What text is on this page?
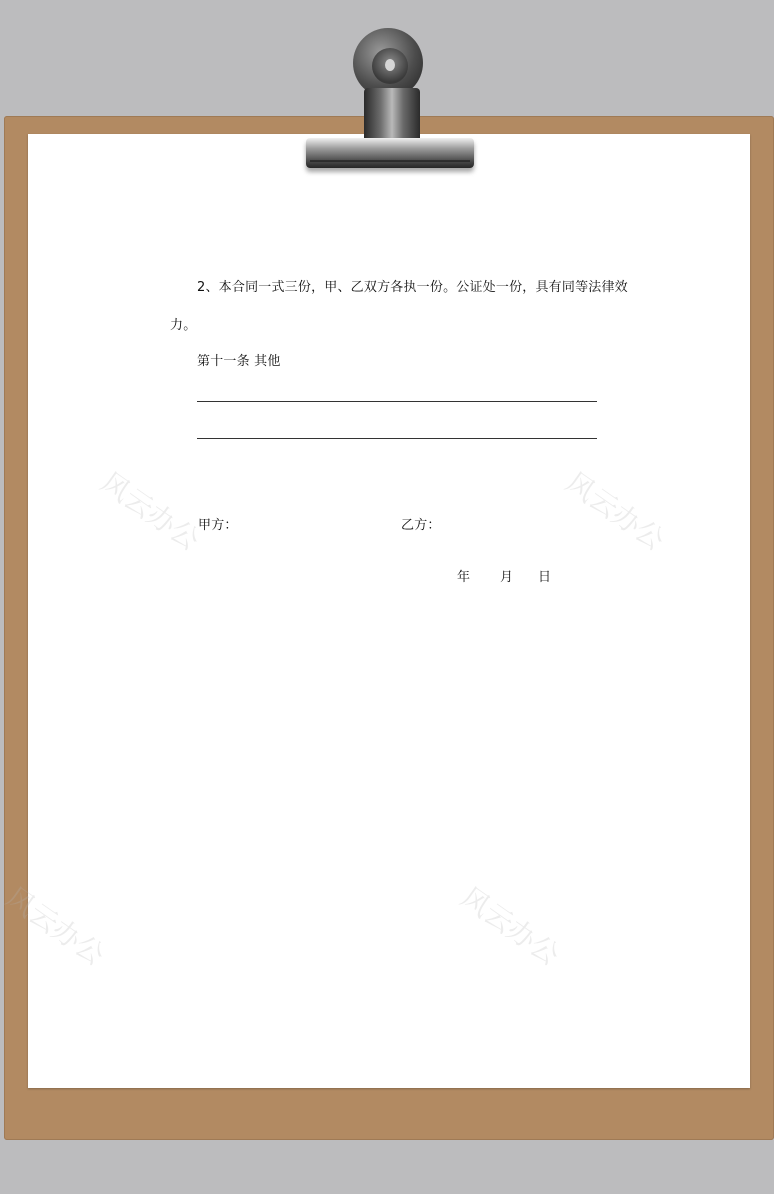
风云办公	风云办公
风云办公	风云办公
2、本合同一式三份，甲、乙双方各执一份。公证处一份，具有同等法律效
力。
第十一条 其他
甲方：	乙方：
年 月 日
